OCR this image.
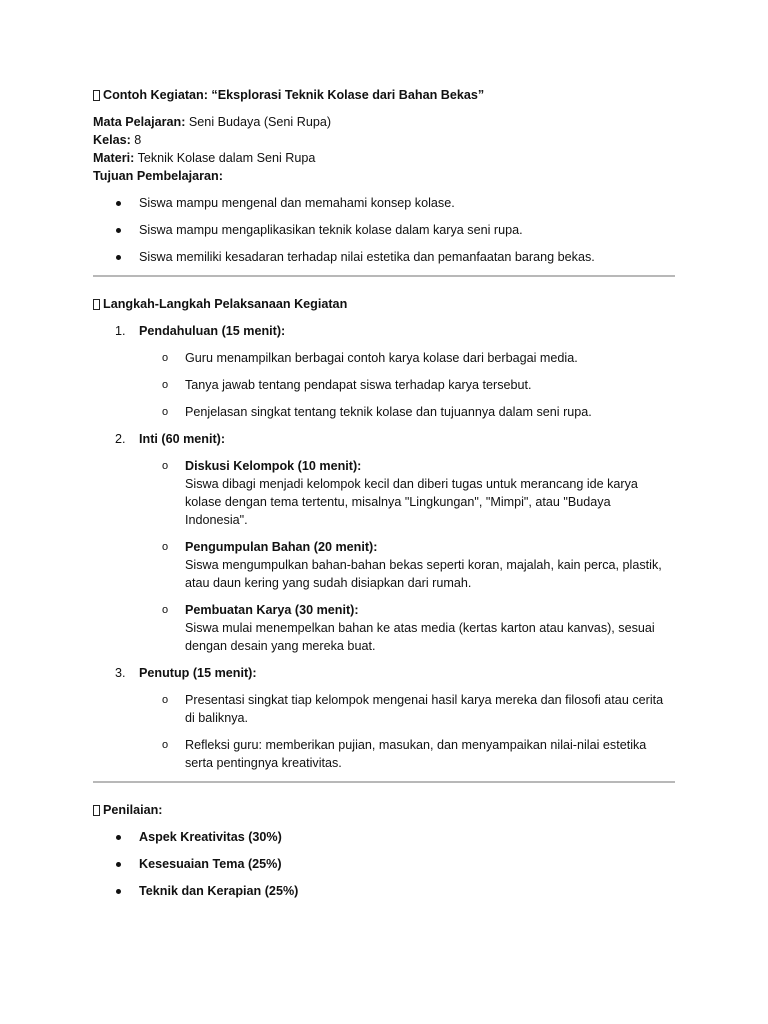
Contoh Kegiatan: “Eksplorasi Teknik Kolase dari Bahan Bekas”
Mata Pelajaran: Seni Budaya (Seni Rupa)
Kelas: 8
Materi: Teknik Kolase dalam Seni Rupa
Tujuan Pembelajaran:
Siswa mampu mengenal dan memahami konsep kolase.
Siswa mampu mengaplikasikan teknik kolase dalam karya seni rupa.
Siswa memiliki kesadaran terhadap nilai estetika dan pemanfaatan barang bekas.
Langkah-Langkah Pelaksanaan Kegiatan
1. Pendahuluan (15 menit):
o Guru menampilkan berbagai contoh karya kolase dari berbagai media.
o Tanya jawab tentang pendapat siswa terhadap karya tersebut.
o Penjelasan singkat tentang teknik kolase dan tujuannya dalam seni rupa.
2. Inti (60 menit):
o Diskusi Kelompok (10 menit):
Siswa dibagi menjadi kelompok kecil dan diberi tugas untuk merancang ide karya kolase dengan tema tertentu, misalnya "Lingkungan", "Mimpi", atau "Budaya Indonesia".
o Pengumpulan Bahan (20 menit):
Siswa mengumpulkan bahan-bahan bekas seperti koran, majalah, kain perca, plastik, atau daun kering yang sudah disiapkan dari rumah.
o Pembuatan Karya (30 menit):
Siswa mulai menempelkan bahan ke atas media (kertas karton atau kanvas), sesuai dengan desain yang mereka buat.
3. Penutup (15 menit):
o Presentasi singkat tiap kelompok mengenai hasil karya mereka dan filosofi atau cerita di baliknya.
o Refleksi guru: memberikan pujian, masukan, dan menyampaikan nilai-nilai estetika serta pentingnya kreativitas.
Penilaian:
Aspek Kreativitas (30%)
Kesesuaian Tema (25%)
Teknik dan Kerapian (25%)
